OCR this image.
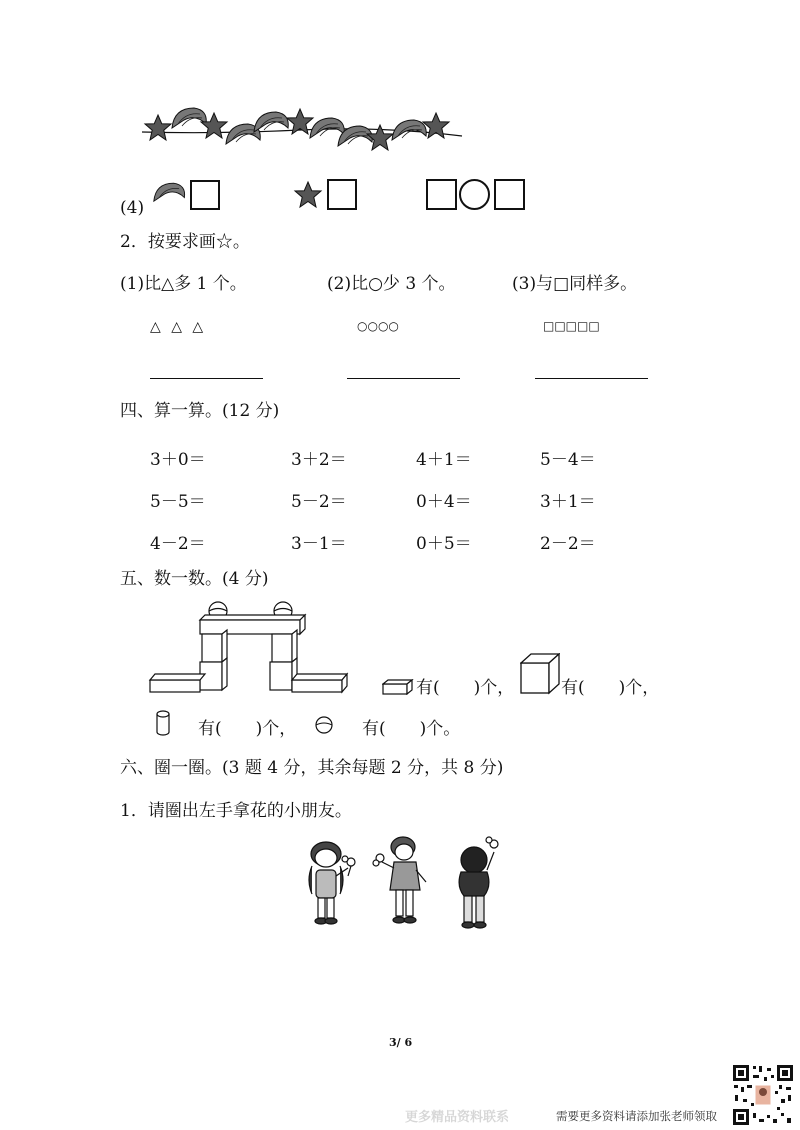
(4)
2．按要求画☆。
(1)比△多 1 个。	(2)比○少 3 个。	(3)与□同样多。
△ △ △	○○○○	□□□□□
四、算一算。(12 分)
3＋0＝	3＋2＝	4＋1＝	5－4＝
5－5＝	5－2＝	0＋4＝	3＋1＝
4－2＝	3－1＝	0＋5＝	2－2＝
五、数一数。(4 分)
有(　　)个，	有(　　)个，
有(　　)个，	有(　　)个。
六、圈一圈。(3 题 4 分，其余每题 2 分，共 8 分)
1．请圈出左手拿花的小朋友。
3/ 6
更多精品资料联系	需要更多资料请添加张老师领取
